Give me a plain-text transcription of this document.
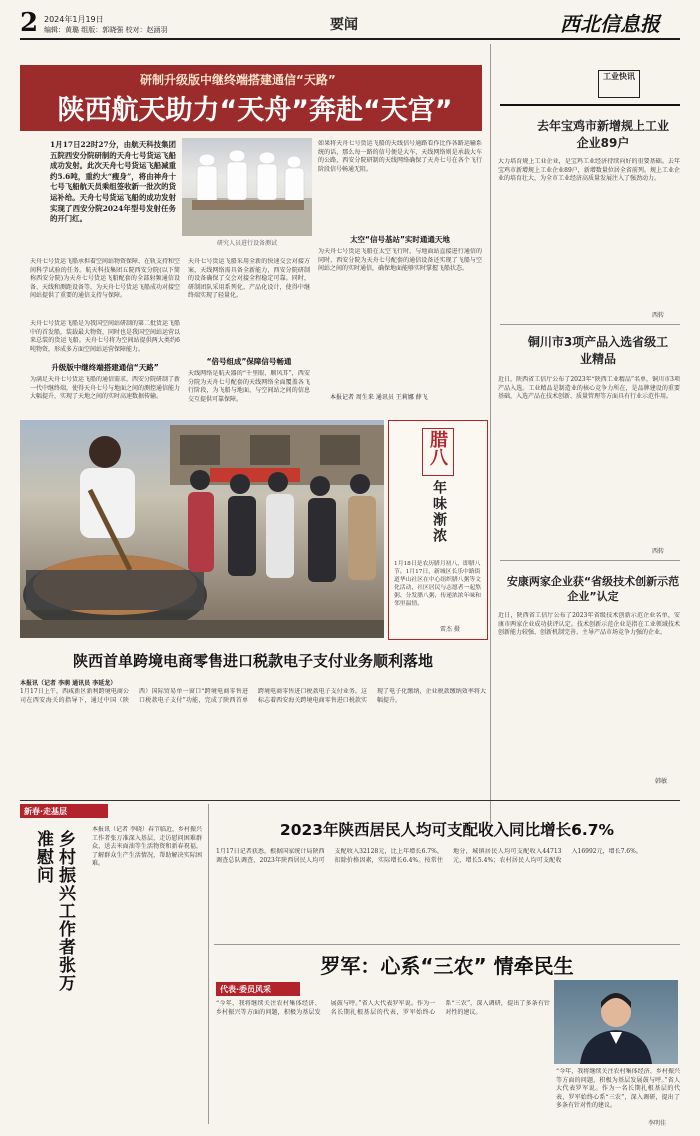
2 2024年1月19日
编辑：黄璐 组版：郭晓强 校对：赵涵羽	要闻	西北信息报
研制升级版中继终端搭建通信“天路”
陕西航天助力“天舟”奔赴“天宫”
1月17日22时27分，由航天科技集团五院西安分院研制的天舟七号货运飞船成功发射。此次天舟七号货运飞船减重约5.6吨，重约大“瘦身”，将由神舟十七号飞船航天员乘组签收新一批次的货运补给。天舟七号货运飞船的成功发射实现了西安分院2024年型号发射任务的开门红。
研究人员进行设备测试
天舟七号货运飞船承担着空间站物资保障、在轨支持和空间科学试验的任务。航天科技集团五院西安分院(以下简称西安分院)为天舟七号货运飞船配套的全部射频通信设备、天线和测距设备等，为天舟七号货运飞船成功对接空间站提供了重要的通信支持与保障。
天舟七号货运飞船是为我国空间站研制的第二批货运飞船中的首发船，装载最大物资，同时也是我国空间站运营以来总装的货运飞船。天舟七号将为空间站提供两大类约6吨物资，形成多方面空间站运营保障能力。
升级版中继终端搭建通信“天路”
为满足天舟七号货运飞船的通信需求，西安分院研制了新一代中继终端，使得天舟七号与地面之间的测控通信能力大幅提升，实现了天地之间的实时高速数据传输。
天舟七号货运飞船采用全新的快速交会对接方案，天线网络需具备全新能力，西安分院研制的设备确保了交会对接全程稳定可靠。同时，研制团队采用系列化、产品化设计，使得中继终端实现了轻量化。
“倍号组成”保障信号畅通
天线网络是航天器的“千里眼、顺风耳”，西安分院为天舟七号配套的天线网络全面覆盖各飞行阶段，为飞船与地面、与空间站之间的信息交互提供可靠保障。
如果将天舟七号货运飞船的天线信号通路看作比作各路运输系统的话，那么每一路的信号便是大车，天线网络则是承载大车的公路，西安分院研制的天线网络确保了天舟七号在各个飞行阶段信号畅通无阻。
太空“信号基站”实时通通天地
为天舟七号货运飞船在太空飞行时，与地面站直接进行通信的同时，西安分院为天舟七号配套的通信设备还实现了飞船与空间站之间的实时通信，确保地面能够实时掌握飞船状态。
本报记者 周生来 通讯员 王莉娜 薛飞
腊八
年味渐浓
1月18日是农历腊月初八，即腊八节。1月17日，新城区长乐中路街道华山社区在中心组织腊八粥等文化活动，社区居民与志愿者一起熬粥、分发腊八粥，传递浓浓年味和邻里温情。
雷杰 摄
陕西首单跨境电商零售进口税款电子支付业务顺利落地
本报讯（记者 李萌 通讯员 李延龙）
1月17日上午，西咸新区新利跨境电商公司在西安海关的指导下，通过中国（陕西）国际贸易单一窗口“跨境电商零售进口税款电子支付”功能，完成了陕西首单跨境电商零售进口税款电子支付业务。这标志着西安海关跨境电商零售进口税款实现了电子化缴纳，企业税款缴纳效率将大幅提升。
工业快讯
去年宝鸡市新增规上工业企业89户
大力培育规上工业企业，是宝鸡工业经济持续向好的重要基础。去年宝鸡市新增规上工业企业89户，新增数量位居全省前列。规上工业企业的培育壮大，为全市工业经济高质量发展注入了强劲动力。
西转
铜川市3项产品入选省级工业精品
近日，陕西省工信厅公布了2023年“陕西工业精品”名单，铜川市3项产品入选。工业精品是制造业的核心竞争力所在，是品牌建设的重要基础，入选产品在技术创新、质量管理等方面具有行业示范作用。
西转
安康两家企业获“省级技术创新示范企业”认定
近日，陕西省工信厅公布了2023年省级技术创新示范企业名单，安康市两家企业成功获评认定。技术创新示范企业是指在工业领域技术创新能力较强、创新机制完善、主导产品市场竞争力强的企业。
韩敏
新春·走基层
乡村振兴工作者张万准慰问
本报讯（记者 李晓）春节临近，乡村振兴工作者张万准深入基层，走访慰问困难群众，送去米面油等生活物资和新春祝福，了解群众生产生活情况，帮助解决实际困难。
2023年陕西居民人均可支配收入同比增长6.7%
1月17日记者获悉，根据国家统计局陕西调查总队调查，2023年陕西居民人均可支配收入32128元，比上年增长6.7%，扣除价格因素，实际增长6.4%。按常住地分，城镇居民人均可支配收入44713元，增长5.4%；农村居民人均可支配收入16992元，增长7.6%。
罗军：心系“三农” 情牵民生
代表·委员风采
“今年，我将继续关注农村集体经济、乡村振兴等方面的问题，积极为基层发展鼓与呼。”省人大代表罗军说。作为一名长期扎根基层的代表，罗军始终心系“三农”，深入调研，提出了多条有针对性的建议。
“今年，我将继续关注农村集体经济、乡村振兴等方面的问题，积极为基层发展鼓与呼。”省人大代表罗军说。作为一名长期扎根基层的代表，罗军始终心系“三农”，深入调研，提出了多条有针对性的建议。
李明佳
